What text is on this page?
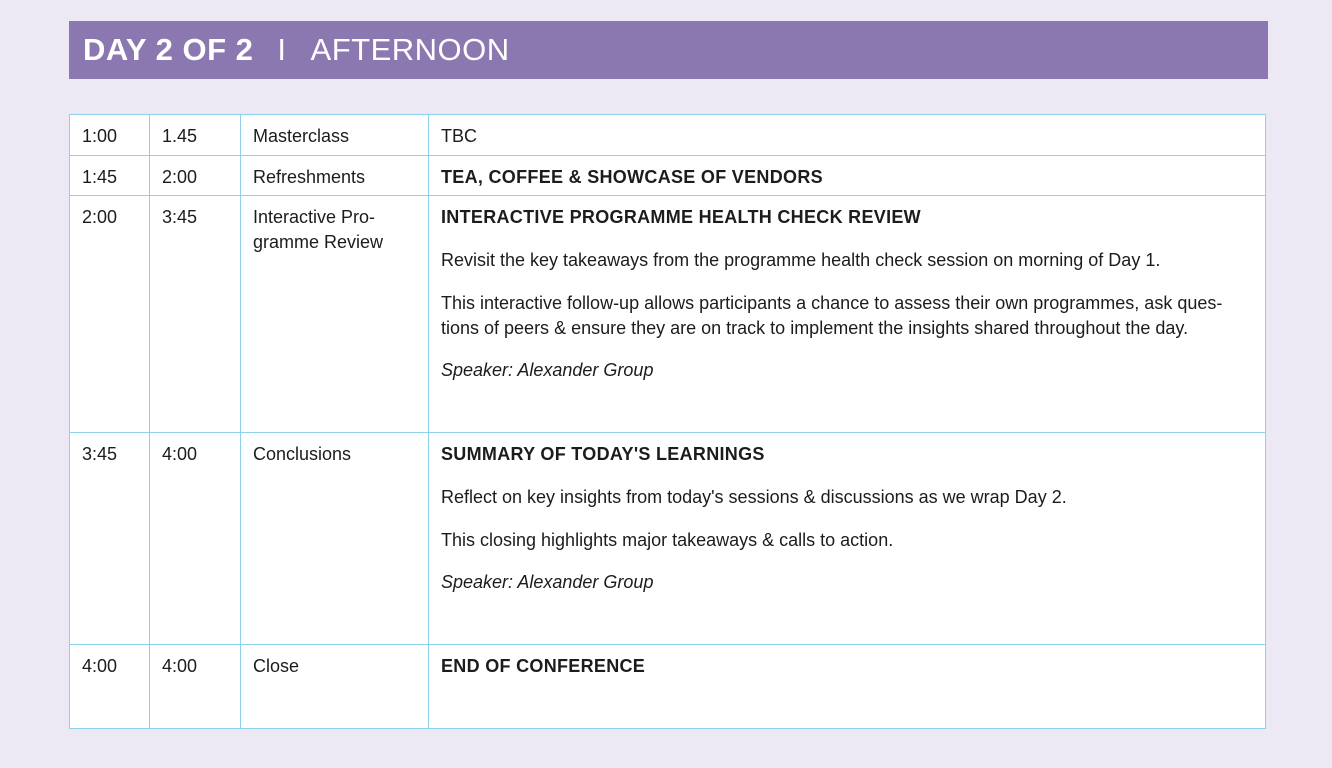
DAY 2 OF 2 I AFTERNOON
1:00	1.45	Masterclass	TBC

1:45	2:00	Refreshments	TEA, COFFEE & SHOWCASE OF VENDORS

2:00	3:45	Interactive Pro-gramme Review	INTERACTIVE PROGRAMME HEALTH CHECK REVIEW
Revisit the key takeaways from the programme health check session on morning of Day 1.
This interactive follow-up allows participants a chance to assess their own programmes, ask ques-tions of peers & ensure they are on track to implement the insights shared throughout the day.
Speaker: Alexander Group

3:45	4:00	Conclusions	SUMMARY OF TODAY'S LEARNINGS
Reflect on key insights from today's sessions & discussions as we wrap Day 2.
This closing highlights major takeaways & calls to action.
Speaker: Alexander Group

4:00	4:00	Close	END OF CONFERENCE
